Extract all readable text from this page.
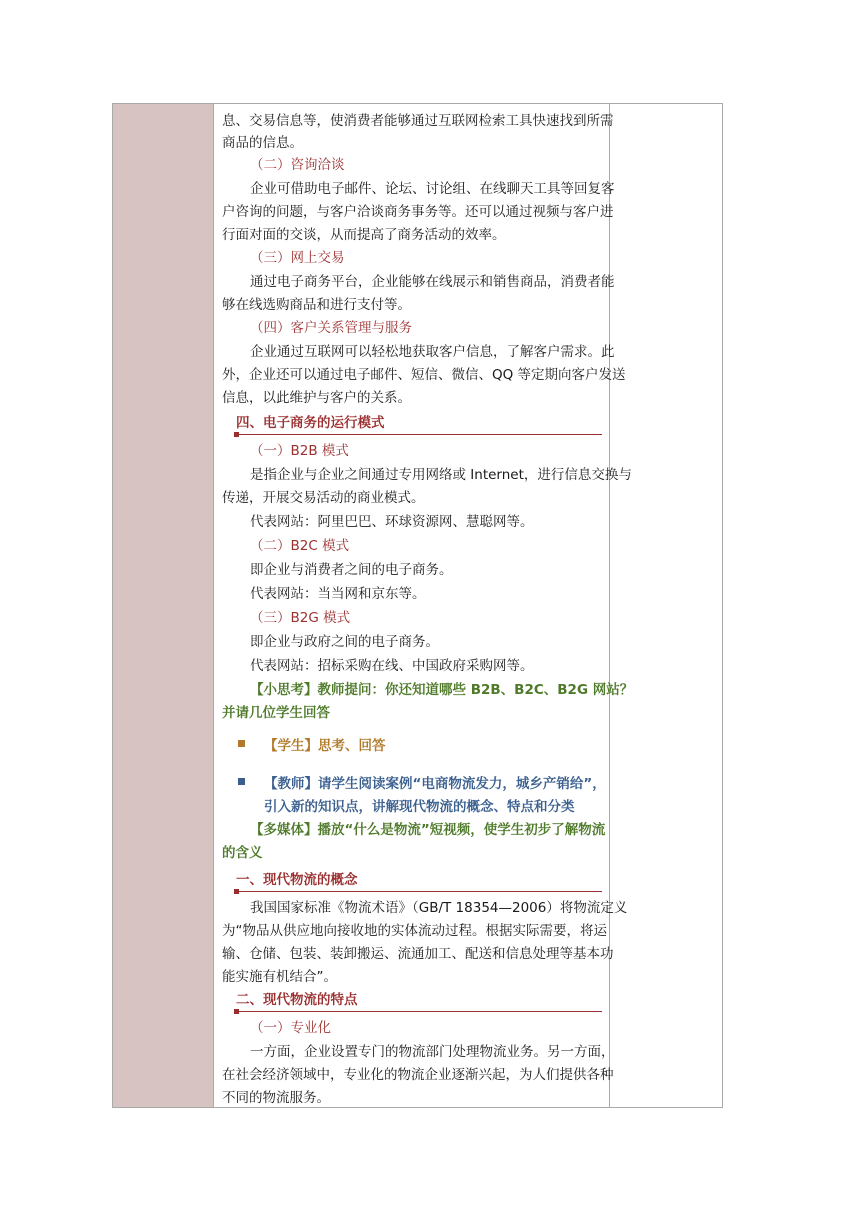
息、交易信息等，使消费者能够通过互联网检索工具快速找到所需
商品的信息。
（二）咨询洽谈
企业可借助电子邮件、论坛、讨论组、在线聊天工具等回复客
户咨询的问题，与客户洽谈商务事务等。还可以通过视频与客户进
行面对面的交谈，从而提高了商务活动的效率。
（三）网上交易
通过电子商务平台，企业能够在线展示和销售商品，消费者能
够在线选购商品和进行支付等。
（四）客户关系管理与服务
企业通过互联网可以轻松地获取客户信息，了解客户需求。此
外，企业还可以通过电子邮件、短信、微信、QQ 等定期向客户发送
信息，以此维护与客户的关系。
（一）B2B 模式
是指企业与企业之间通过专用网络或 Internet，进行信息交换与
传递，开展交易活动的商业模式。
代表网站：阿里巴巴、环球资源网、慧聪网等。
（二）B2C 模式
即企业与消费者之间的电子商务。
代表网站：当当网和京东等。
（三）B2G 模式
即企业与政府之间的电子商务。
代表网站：招标采购在线、中国政府采购网等。
【小思考】教师提问：你还知道哪些 B2B、B2C、B2G 网站？
并请几位学生回答
【学生】思考、回答
【教师】请学生阅读案例“电商物流发力，城乡产销给”，
引入新的知识点，讲解现代物流的概念、特点和分类
【多媒体】播放“什么是物流”短视频，使学生初步了解物流
的含义
我国国家标准《物流术语》（GB/T 18354—2006）将物流定义
为“物品从供应地向接收地的实体流动过程。根据实际需要，将运
输、仓储、包装、装卸搬运、流通加工、配送和信息处理等基本功
能实施有机结合”。
（一）专业化
一方面，企业设置专门的物流部门处理物流业务。另一方面，
在社会经济领域中，专业化的物流企业逐渐兴起，为人们提供各种
不同的物流服务。
四、电子商务的运行模式
一、现代物流的概念
二、现代物流的特点
